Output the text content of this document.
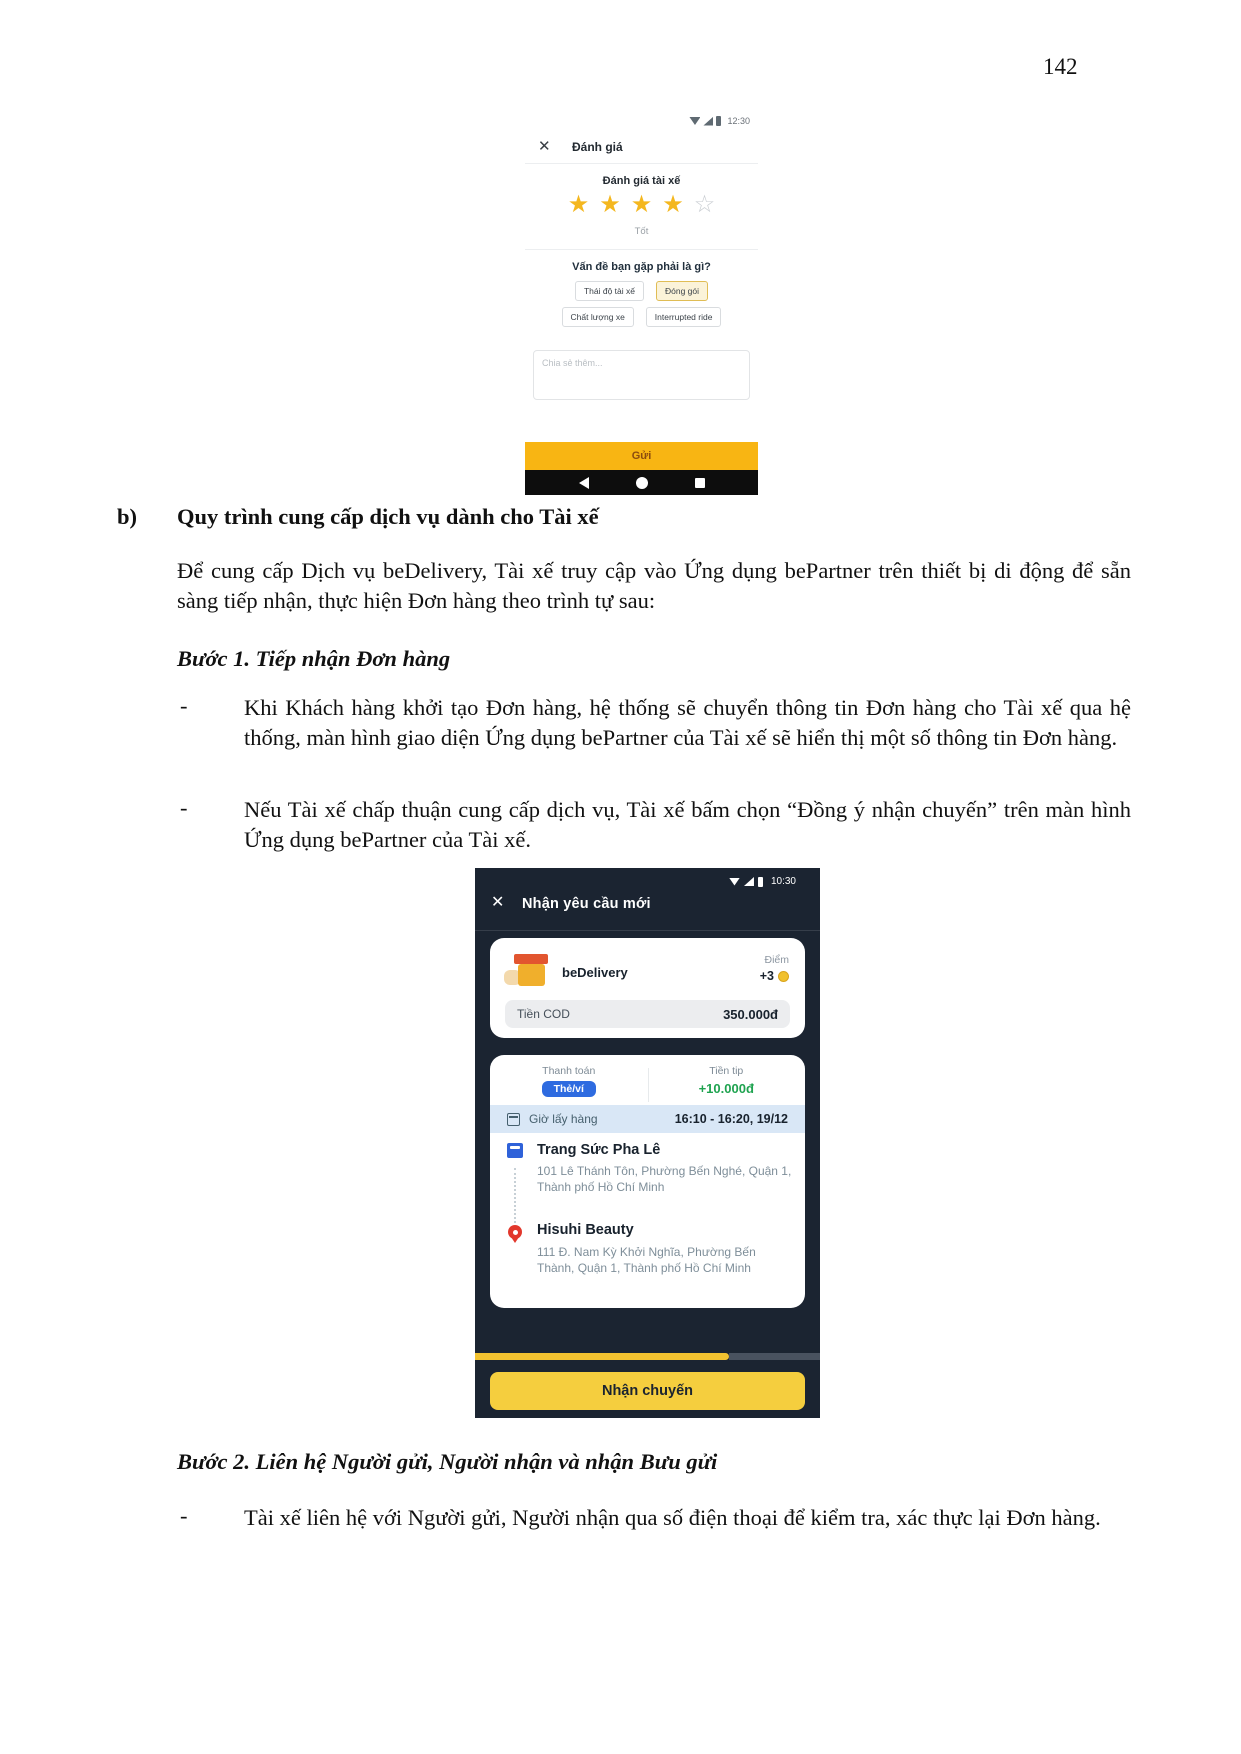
142
12:30
✕ Đánh giá
Đánh giá tài xế
★ ★ ★ ★ ☆
Tốt
Vấn đề bạn gặp phải là gì?
Thái độ tài xế	Đóng gói
Chất lượng xe	Interrupted ride
Chia sẻ thêm...
Gửi
b) Quy trình cung cấp dịch vụ dành cho Tài xế

Để cung cấp Dịch vụ beDelivery, Tài xế truy cập vào Ứng dụng bePartner trên thiết bị di động để sẵn sàng tiếp nhận, thực hiện Đơn hàng theo trình tự sau:

Bước 1. Tiếp nhận Đơn hàng
-	Khi Khách hàng khởi tạo Đơn hàng, hệ thống sẽ chuyển thông tin Đơn hàng cho Tài xế qua hệ thống, màn hình giao diện Ứng dụng bePartner của Tài xế sẽ hiển thị một số thông tin Đơn hàng.
-	Nếu Tài xế chấp thuận cung cấp dịch vụ, Tài xế bấm chọn “Đồng ý nhận chuyến” trên màn hình Ứng dụng bePartner của Tài xế.
10:30
✕ Nhận yêu cầu mới
beDelivery
Điểm
+3
Tiền COD	350.000đ
Thanh toán
Thẻ/ví
Tiền tip
+10.000đ
Giờ lấy hàng	16:10 - 16:20, 19/12
Trang Sức Pha Lê
101 Lê Thánh Tôn, Phường Bến Nghé, Quận 1, Thành phố Hồ Chí Minh
Hisuhi Beauty
111 Đ. Nam Kỳ Khởi Nghĩa, Phường Bến Thành, Quận 1, Thành phố Hồ Chí Minh
Nhận chuyến
Bước 2. Liên hệ Người gửi, Người nhận và nhận Bưu gửi
-	Tài xế liên hệ với Người gửi, Người nhận qua số điện thoại để kiểm tra, xác thực lại Đơn hàng.
